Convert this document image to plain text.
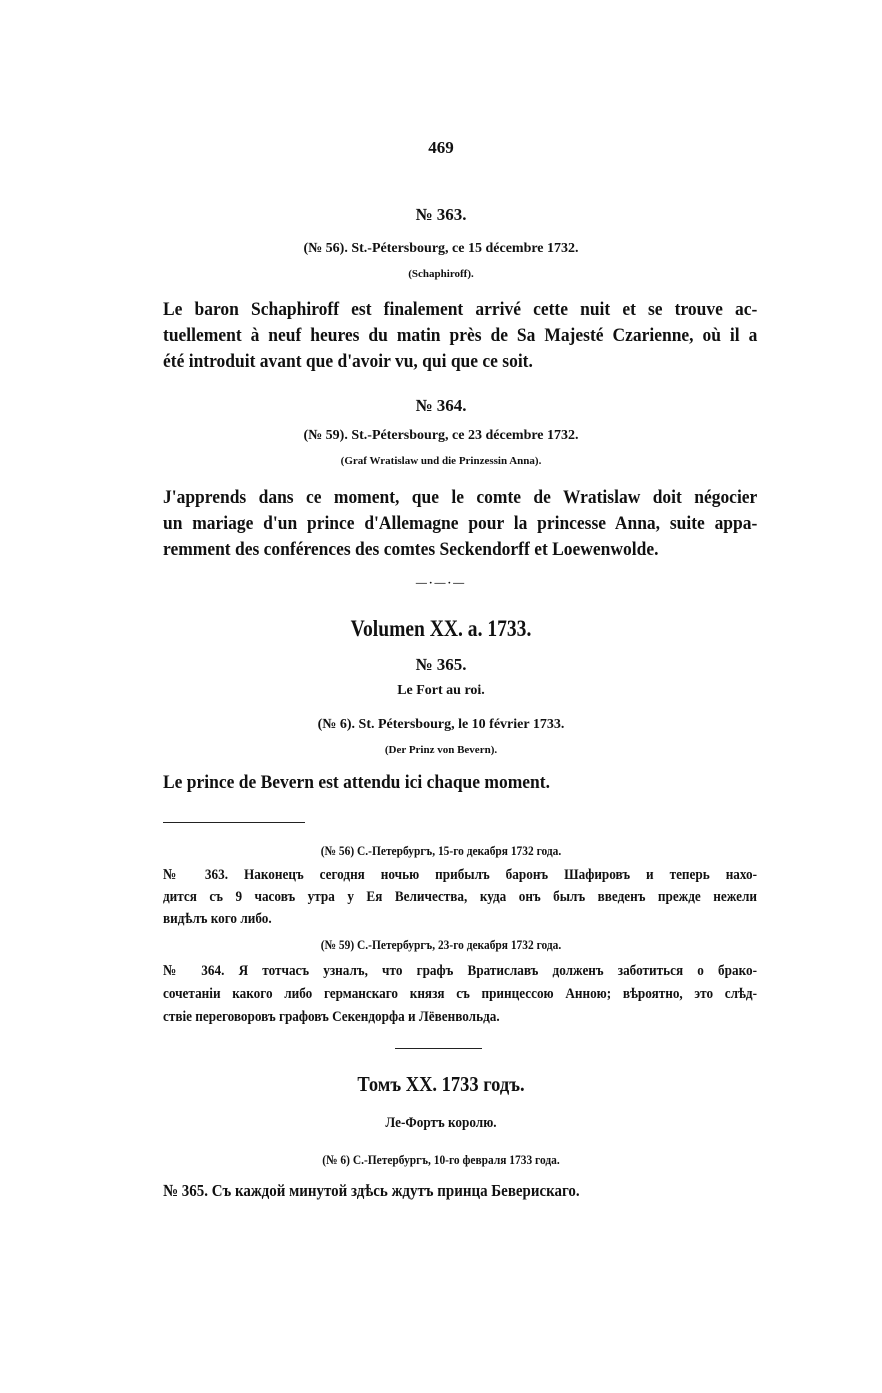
469
№ 363.
(№ 56). St.-Pétersbourg, ce 15 décembre 1732.
(Schaphiroff).
Le baron Schaphiroff est finalement arrivé cette nuit et se trouve ac-
tuellement à neuf heures du matin près de Sa Majesté Czarienne, où il a
été introduit avant que d'avoir vu, qui que ce soit.
№ 364.
(№ 59). St.-Pétersbourg, ce 23 décembre 1732.
(Graf Wratislaw und die Prinzessin Anna).
J'apprends dans ce moment, que le comte de Wratislaw doit négocier
un mariage d'un prince d'Allemagne pour la princesse Anna, suite appa-
remment des conférences des comtes Seckendorff et Loewenwolde.
—·—·—
Volumen XX. a. 1733.
№ 365.
Le Fort au roi.
(№ 6). St. Pétersbourg, le 10 février 1733.
(Der Prinz von Bevern).
Le prince de Bevern est attendu ici chaque moment.
(№ 56) С.-Петербургъ, 15-го декабря 1732 года.
№ 363. Наконецъ сегодня ночью прибылъ баронъ Шафировъ и теперь нахо-
дится съ 9 часовъ утра у Ея Величества, куда онъ былъ введенъ прежде нежели
видѣлъ кого либо.
(№ 59) С.-Петербургъ, 23-го декабря 1732 года.
№ 364. Я тотчасъ узналъ, что графъ Вратиславъ долженъ заботиться о брако-
сочетанiи какого либо германскаго князя съ принцессою Анною; вѣроятно, это слѣд-
ствiе переговоровъ графовъ Секендорфа и Лёвенвольда.
Томъ XX. 1733 годъ.
Ле-Фортъ королю.
(№ 6) С.-Петербургъ, 10-го февраля 1733 года.
№ 365. Съ каждой минутой здѣсь ждутъ принца Беверискаго.
